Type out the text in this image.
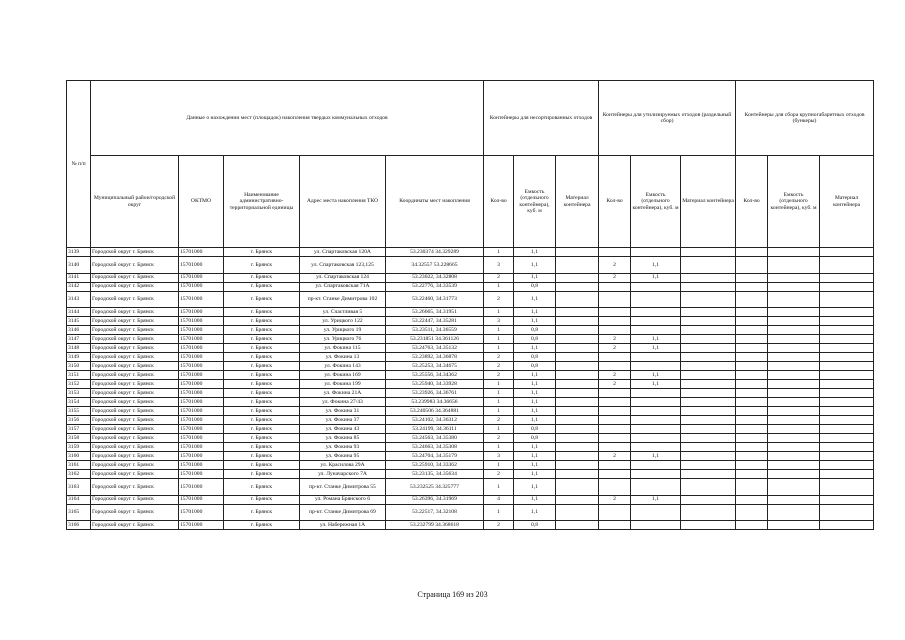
№ п/п	Данные о нахождении мест (площадок) накопления твердых коммунальных отходов					Контейнеры для несортированных отходов			Контейнеры для утилизируемых отходов (раздельный сбор)			Контейнеры для сбора крупногабаритных отходов (бункеры)		
	Муниципальный район/городской округ	ОКТМО	Наименование административно-территориальной единицы	Адрес места накопления ТКО	Координаты мест накопления	Кол-во	Емкость (отдельного контейнера), куб. м	Материал контейнера	Кол-во	Емкость (отдельного контейнера), куб. м	Материал контейнера	Кол-во	Емкость (отдельного контейнера), куб. м	Материал контейнера
3139	Городской округ г. Брянск	15701000	г. Брянск	ул. Спартаковская 120А	53.230374 34.329289	1	1,1							
3140	Городской округ г. Брянск	15701000	г. Брянск	ул. Спартаковская 123,125	34.32557 53.228665	3	1,1		2	1,1				
3141	Городской округ г. Брянск	15701000	г. Брянск	ул. Спартаковская 124	53.23022, 34.32808	2	1,1		2	1,1				
3142	Городской округ г. Брянск	15701000	г. Брянск	ул. Спартаковская 71А	53.22776, 34.33539	1	0,8							
3143	Городской округ г. Брянск	15701000	г. Брянск	пр-кт. Станке Димитрова 102	53.22460, 34.31773	2	1,1							
3144	Городской округ г. Брянск	15701000	г. Брянск	ул. Счастливая 5	53.26665, 34.31951	1	1,1							
3145	Городской округ г. Брянск	15701000	г. Брянск	ул. Урицкого 122	53.22447, 34.35281	3	1,1							
3146	Городской округ г. Брянск	15701000	г. Брянск	ул. Урицкого 19	53.23511, 34.36559	1	0,8							
3147	Городской округ г. Брянск	15701000	г. Брянск	ул. Урицкого 76	53.231851 34.361126	1	0,8		2	1,1				
3148	Городской округ г. Брянск	15701000	г. Брянск	ул. Фокина 115	53.24763, 34.35132	1	1,1		2	1,1				
3149	Городской округ г. Брянск	15701000	г. Брянск	ул. Фокина 13	53.23892, 34.36878	2	0,8							
3150	Городской округ г. Брянск	15701000	г. Брянск	ул. Фокина 143	53.25253, 34.34675	2	0,8							
3151	Городской округ г. Брянск	15701000	г. Брянск	ул. Фокина 169	53.25556, 34.34362	2	1,1		2	1,1				
3152	Городской округ г. Брянск	15701000	г. Брянск	ул. Фокина 199	53.25940, 34.33928	1	1,1		2	1,1				
3153	Городской округ г. Брянск	15701000	г. Брянск	ул. Фокина 21А	53.23926, 34.36761	1	1,1							
3154	Городской округ г. Брянск	15701000	г. Брянск	ул. Фокина 27/43	53.239983 34.36656	1	1,1							
3155	Городской округ г. Брянск	15701000	г. Брянск	ул. Фокина 31	53.240506 34.364881	1	1,1							
3156	Городской округ г. Брянск	15701000	г. Брянск	ул. Фокина 37	53.24102, 34.36312	2	1,1							
3157	Городской округ г. Брянск	15701000	г. Брянск	ул. Фокина 43	53.24199, 34.36111	1	0,8							
3158	Городской округ г. Брянск	15701000	г. Брянск	ул. Фокина 85	53.24563, 34.35380	2	0,8							
3159	Городской округ г. Брянск	15701000	г. Брянск	ул. Фокина 93	53.24663, 34.35308	1	1,1							
3160	Городской округ г. Брянск	15701000	г. Брянск	ул. Фокина 95	53.24704, 34.35179	3	1,1		2	1,1				
3161	Городской округ г. Брянск	15701000	г. Брянск	ул. Красилова 29А	53.25910, 34.33362	1	1,1							
3162	Городской округ г. Брянск	15701000	г. Брянск	ул. Луначарского 7А	53.23135, 34.35634	2	1,1							
3163	Городской округ г. Брянск	15701000	г. Брянск	пр-кт. Станке Димитрова 55	53.232525 34.325777	1	1,1							
3164	Городской округ г. Брянск	15701000	г. Брянск	ул. Романа Брянского 6	53.26396, 34.31969	4	1,1		2	1,1				
3165	Городской округ г. Брянск	15701000	г. Брянск	пр-кт. Станке Димитрова 69	53.22517, 34.32108	1	1,1							
3166	Городской округ г. Брянск	15701000	г. Брянск	ул. Набережная 1А	53.232799 34.368618	2	0,8							
Страница 169 из 203
